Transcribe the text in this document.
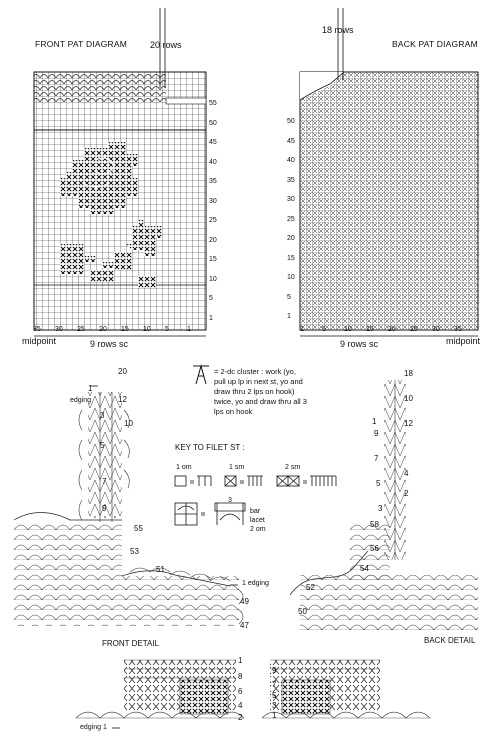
FRONT PAT DIAGRAM	20 rows
9 rows sc
midpoint
55
50
45
40
35
30
25
20
15
10
5
1
35 30 25 20 15 10 5	1
BACK PAT DIAGRAM
18 rows
9 rows sc	midpoint
50
45
40
35
30
25
20
15
10
5
1
1	5	10 15 20 25 30 35
= 2-dc cluster : work (yo,
pull up lp in next st, yo and
draw thru 2 lps on hook)
twice, yo and draw thru all 3
lps on hook
KEY TO FILET ST :
1 om	1 sm	2 sm
3
bar
lacet
2 om
edging
1 edging
edging 1
FRONT DETAIL
1
3
5
7
9
20
12
10
55
53
51
49
47
1
8
6
4
2
BACK DETAIL
18
10
12
9
7
5
3
1
58
56
54
52
50
4
2
9
7
5
3
1
